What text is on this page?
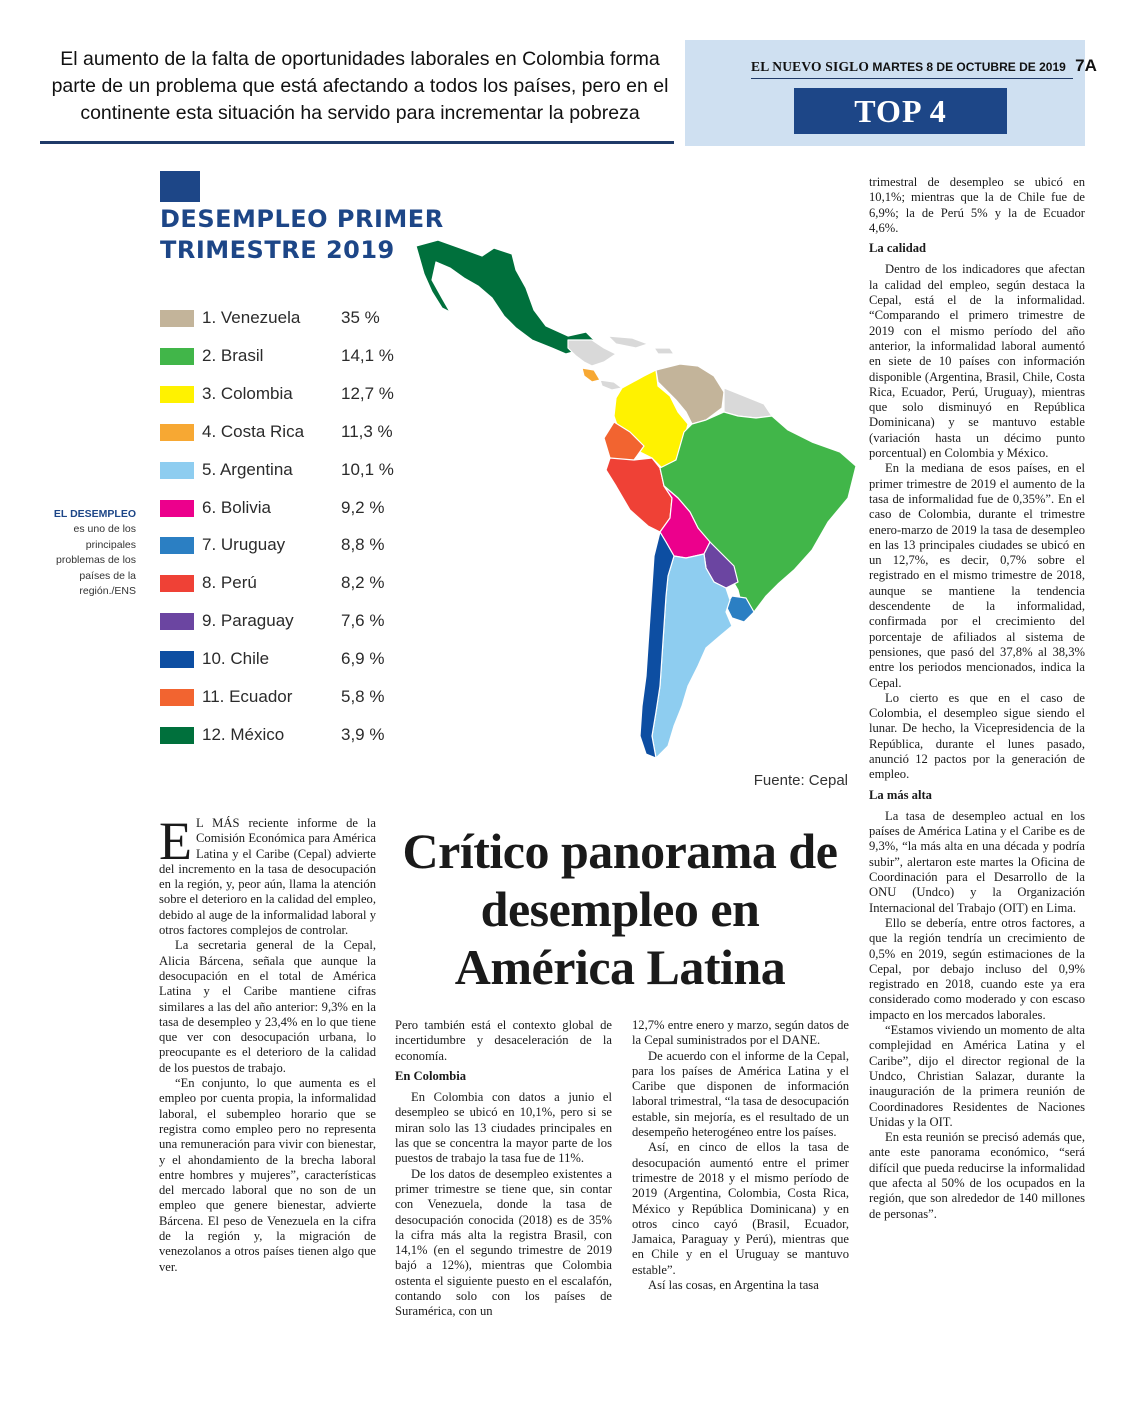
El aumento de la falta de oportunidades laborales en Colombia forma parte de un problema que está afectando a todos los países, pero en el continente esta situación ha servido para incrementar la pobreza
EL NUEVO SIGLO MARTES 8 DE OCTUBRE DE 2019 7A
TOP 4
DESEMPLEO PRIMER TRIMESTRE 2019
1. Venezuela 35 %
2. Brasil	14,1 %
3. Colombia	12,7 %
4. Costa Rica 11,3 %
5. Argentina	10,1 %
6. Bolivia	9,2 %
7. Uruguay	8,8 %
8. Perú	8,2 %
9. Paraguay	7,6 %
10. Chile	6,9 %
11. Ecuador	5,8 %
12. México	3,9 %
EL DESEMPLEO
es uno de los principales problemas de los países de la región./ENS
Fuente: Cepal
Crítico panorama de desempleo en América Latina

E L MÁS reciente informe de la Comisión Económica para América Latina y el Caribe (Cepal) advierte del incremento en la tasa de desocupación en la región, y, peor aún, llama la atención sobre el deterioro en la calidad del empleo, debido al auge de la informalidad laboral y otros factores complejos de controlar.

La secretaria general de la Cepal, Alicia Bárcena, señala que aunque la desocupación en el total de América Latina y el Caribe mantiene cifras similares a las del año anterior: 9,3% en la tasa de desempleo y 23,4% en lo que tiene que ver con desocupación urbana, lo preocupante es el deterioro de la calidad de los puestos de trabajo.

“En conjunto, lo que aumenta es el empleo por cuenta propia, la informalidad laboral, el subempleo horario que se registra como empleo pero no representa una remuneración para vivir con bienestar, y el ahondamiento de la brecha laboral entre hombres y mujeres”, características del mercado laboral que no son de un empleo que genere bienestar, advierte Bárcena. El peso de Venezuela en la cifra de la región y, la migración de venezolanos a otros países tienen algo que ver.

Pero también está el contexto global de incertidumbre y desaceleración de la economía.

En Colombia

En Colombia con datos a junio el desempleo se ubicó en 10,1%, pero si se miran solo las 13 ciudades principales en las que se concentra la mayor parte de los puestos de trabajo la tasa fue de 11%.

De los datos de desempleo existentes a primer trimestre se tiene que, sin contar con Venezuela, donde la tasa de desocupación conocida (2018) es de 35% la cifra más alta la registra Brasil, con 14,1% (en el segundo trimestre de 2019 bajó a 12%), mientras que Colombia ostenta el siguiente puesto en el escalafón, contando solo con los países de Suramérica, con un

12,7% entre enero y marzo, según datos de la Cepal suministrados por el DANE.

De acuerdo con el informe de la Cepal, para los países de América Latina y el Caribe que disponen de información laboral trimestral, “la tasa de desocupación estable, sin mejoría, es el resultado de un desempeño heterogéneo entre los países.

Así, en cinco de ellos la tasa de desocupación aumentó entre el primer trimestre de 2018 y el mismo período de 2019 (Argentina, Colombia, Costa Rica, México y República Dominicana) y en otros cinco cayó (Brasil, Ecuador, Jamaica, Paraguay y Perú), mientras que en Chile y en el Uruguay se mantuvo estable”.

Así las cosas, en Argentina la tasa

trimestral de desempleo se ubicó en 10,1%; mientras que la de Chile fue de 6,9%; la de Perú 5% y la de Ecuador 4,6%.

La calidad

Dentro de los indicadores que afectan la calidad del empleo, según destaca la Cepal, está el de la informalidad. “Comparando el primero trimestre de 2019 con el mismo período del año anterior, la informalidad laboral aumentó en siete de 10 países con información disponible (Argentina, Brasil, Chile, Costa Rica, Ecuador, Perú, Uruguay), mientras que solo disminuyó en República Dominicana) y se mantuvo estable (variación hasta un décimo punto porcentual) en Colombia y México.

En la mediana de esos países, en el primer trimestre de 2019 el aumento de la tasa de informalidad fue de 0,35%”. En el caso de Colombia, durante el trimestre enero-marzo de 2019 la tasa de desempleo en las 13 principales ciudades se ubicó en un 12,7%, es decir, 0,7% sobre el registrado en el mismo trimestre de 2018, aunque se mantiene la tendencia descendente de la informalidad, confirmada por el crecimiento del porcentaje de afiliados al sistema de pensiones, que pasó del 37,8% al 38,3% entre los periodos mencionados, indica la Cepal.

Lo cierto es que en el caso de Colombia, el desempleo sigue siendo el lunar. De hecho, la Vicepresidencia de la República, durante el lunes pasado, anunció 12 pactos por la generación de empleo.

La más alta

La tasa de desempleo actual en los países de América Latina y el Caribe es de 9,3%, “la más alta en una década y podría subir”, alertaron este martes la Oficina de Coordinación para el Desarrollo de la ONU (Undco) y la Organización Internacional del Trabajo (OIT) en Lima.

Ello se debería, entre otros factores, a que la región tendría un crecimiento de 0,5% en 2019, según estimaciones de la Cepal, por debajo incluso del 0,9% registrado en 2018, cuando este ya era considerado como moderado y con escaso impacto en los mercados laborales.

“Estamos viviendo un momento de alta complejidad en América Latina y el Caribe”, dijo el director regional de la Undco, Christian Salazar, durante la inauguración de la primera reunión de Coordinadores Residentes de Naciones Unidas y la OIT.

En esta reunión se precisó además que, ante este panorama económico, “será difícil que pueda reducirse la informalidad que afecta al 50% de los ocupados en la región, que son alrededor de 140 millones de personas”.
